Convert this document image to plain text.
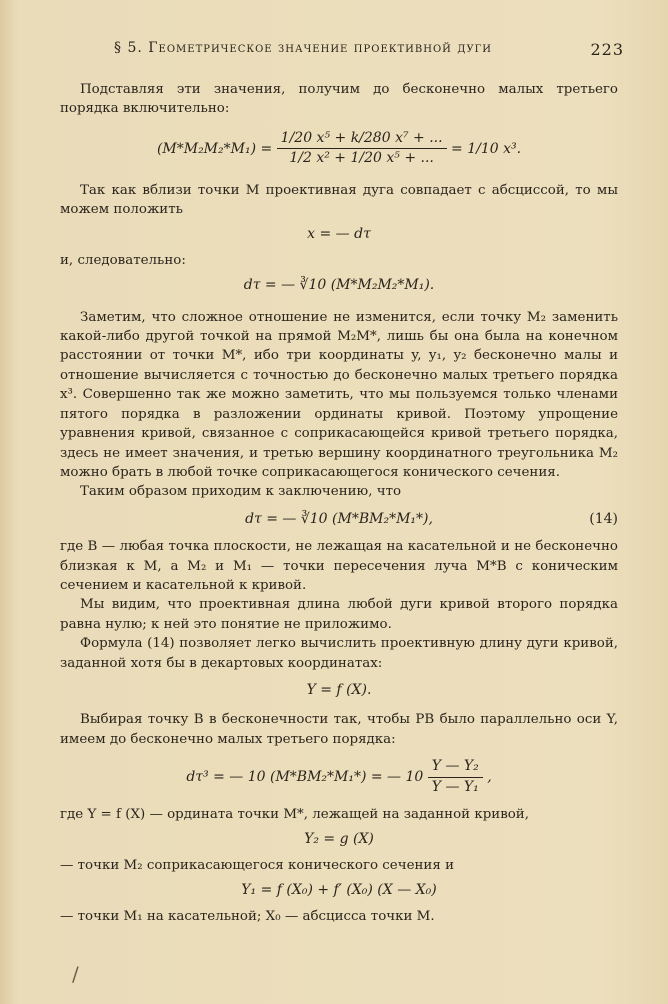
§ 5. Геометрическое значение проективной дуги	223

Подставляя эти значения, получим до бесконечно малых третьего порядка включительно:

$(M*M_2M_2*M_1) = \frac{\text{1/20 x⁵ + k/280 x⁷ + ...}}{\text{1/2 x² + 1/20 x⁵ + ...}} = 1/10$ x³.

Так как вблизи точки M проективная дуга совпадает с абсциссой, то мы можем положить

x = — dτ

и, следовательно:

dτ = — ∛10 (M*M₂M₂*M₁).

Заметим, что сложное отношение не изменится, если точку M₂ заменить какой-либо другой точкой на прямой M₂M*, лишь бы она была на конечном расстоянии от точки M*, ибо три координаты y, y₁, y₂ бесконечно малы и отношение вычисляется с точностью до бесконечно малых третьего порядка x³. Совершенно так же можно заметить, что мы пользуемся только членами пятого порядка в разложении ординаты кривой. Поэтому упрощение уравнения кривой, связанное с соприкасающейся кривой третьего порядка, здесь не имеет значения, и третью вершину координатного треугольника M₂ можно брать в любой точке соприкасающегося конического сечения.

Таким образом приходим к заключению, что

dτ = — ∛10 (M*BM₂*M₁*),	(14)

где B — любая точка плоскости, не лежащая на касательной и не бесконечно близкая к M, а M₂ и M₁ — точки пересечения луча M*B с коническим сечением и касательной к кривой.

Мы видим, что проективная длина любой дуги кривой второго порядка равна нулю; к ней это понятие не приложимо.

Формула (14) позволяет легко вычислить проективную длину дуги кривой, заданной хотя бы в декартовых координатах:

Y = f (X).

Выбирая точку B в бесконечности так, чтобы PB было параллельно оси Y, имеем до бесконечно малых третьего порядка:

dτ³ = — 10 (M*BM₂*M₁*) = — $10 \frac{\text{Y — Y₂}}{\text{Y — Y₁}}$ ,

где Y = f (X) — ордината точки M*, лежащей на заданной кривой,

Y₂ = g (X)

— точки M₂ соприкасающегося конического сечения и

Y₁ = f (X₀) + f′ (X₀) (X — X₀)

— точки M₁ на касательной; X₀ — абсцисса точки M.

/
